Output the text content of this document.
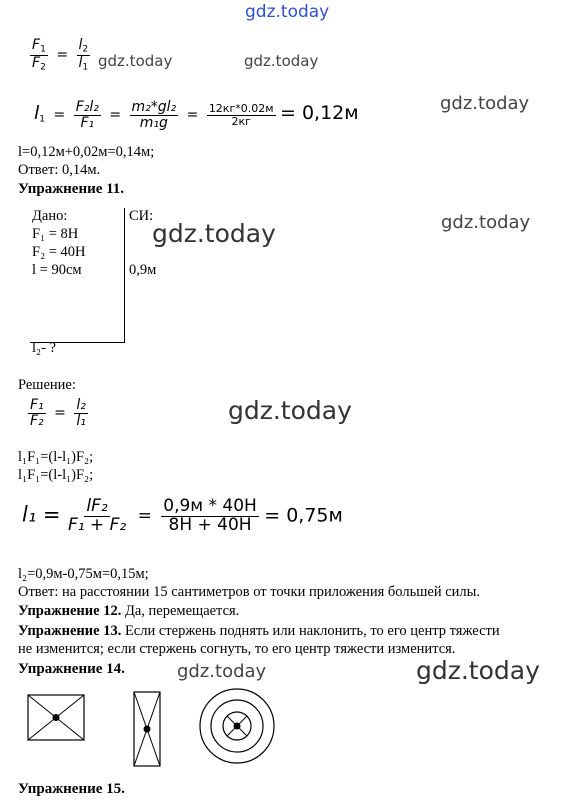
gdz.today
gdz.today	gdz.today
gdz.today
gdz.today
gdz.today
gdz.today
gdz.today	gdz.today
$\frac{F_1}{F_2} = \frac{l_2}{l_1}$
$l_1 = \frac{\text{F₂l₂}}{\text{F₁}} = \frac{\text{m₂*gl₂}}{\text{m₁g}} = \frac{12кг*0.02м}{2кг} = 0,12м$
l=0,12м+0,02м=0,14м;
Ответ: 0,14м.
Упражнение 11.
Дано:	СИ:
F₁ = 8Н
F₂ = 40Н
l = 90см	0,9м
l₂- ?
Решение:
$\frac{\text{F₁}}{\text{F₂}} = \frac{\text{l₂}}{\text{l₁}}$
l₁F₁=(l-l₁)F₂;
l₁F₁=(l-l₁)F₂;
$l_1 = \frac{\text{lF₂}}{\text{F₁ + F₂}} = \frac{0,9м * 40Н}{8Н + 40Н} = 0,75м$
l₂=0,9м-0,75м=0,15м;
Ответ: на расстоянии 15 сантиметров от точки приложения большей силы.
Упражнение 12. Да, перемещается.
Упражнение 13. Если стержень поднять или наклонить, то его центр тяжести
не изменится; если стержень согнуть, то его центр тяжести изменится.
Упражнение 14.
Упражнение 15.
